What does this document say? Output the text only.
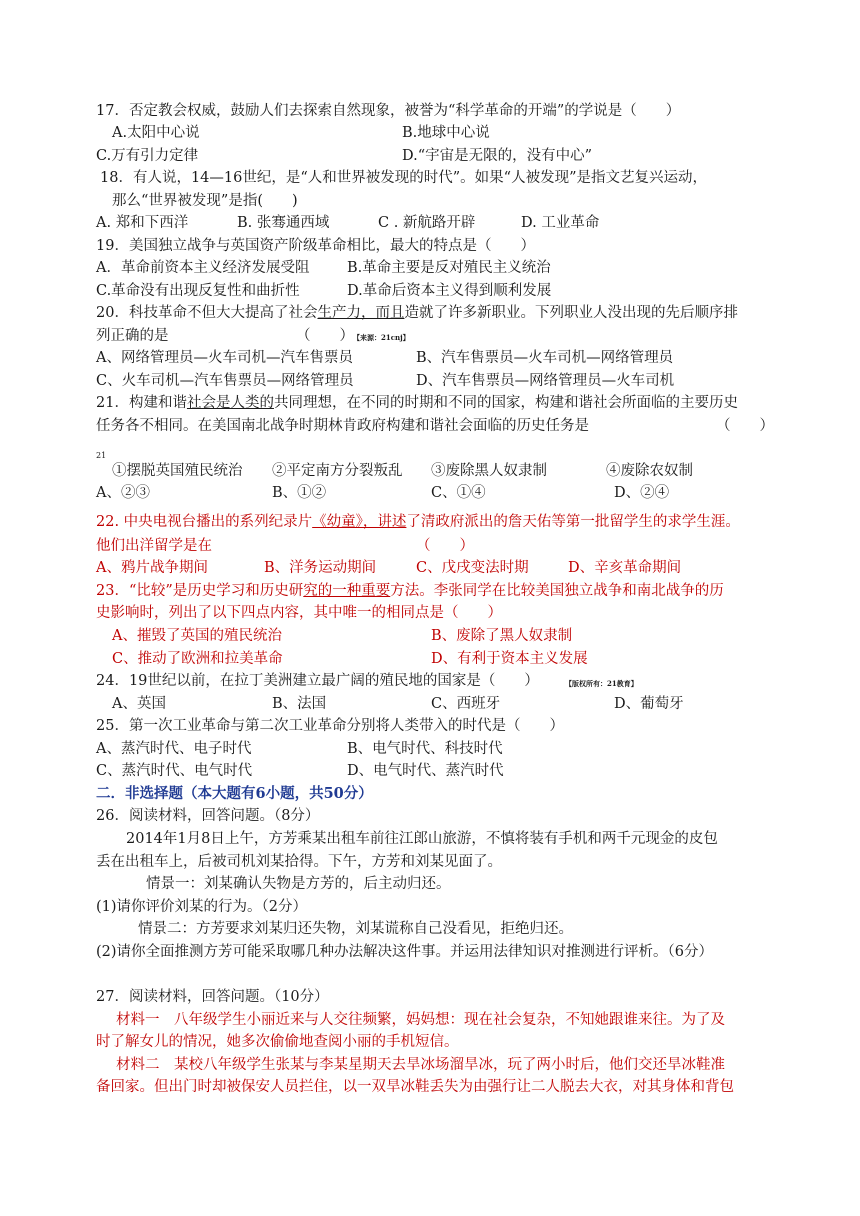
17．否定教会权威，鼓励人们去探索自然现象，被誉为“科学革命的开端”的学说是（　　）
A.太阳中心说	B.地球中心说
C.万有引力定律	D.“宇宙是无限的，没有中心”
18．有人说，14—16世纪，是“人和世界被发现的时代”。如果“人被发现”是指文艺复兴运动，
那么“世界被发现”是指(　　)
A. 郑和下西洋	B. 张骞通西域	C . 新航路开辟	D. 工业革命
19．美国独立战争与英国资产阶级革命相比，最大的特点是（　　）
A．革命前资本主义经济发展受阻	B.革命主要是反对殖民主义统治
C.革命没有出现反复性和曲折性	D.革命后资本主义得到顺利发展
20．科技革命不但大大提高了社会生产力，而且造就了许多新职业。下列职业人没出现的先后顺序排
列正确的是	（　　） 【来源：21cnj】
A、网络管理员—火车司机—汽车售票员	B、汽车售票员—火车司机—网络管理员
C、火车司机—汽车售票员—网络管理员	D、汽车售票员—网络管理员—火车司机
21．构建和谐社会是人类的共同理想，在不同的时期和不同的国家，构建和谐社会所面临的主要历史
任务各不相同。在美国南北战争时期林肯政府构建和谐社会面临的历史任务是	（　　）
21
①摆脱英国殖民统治 ②平定南方分裂叛乱 ③废除黑人奴隶制	④废除农奴制
A、②③	B、①②	C、①④	D、②④
22. 中央电视台播出的系列纪录片《幼童》，讲述了清政府派出的詹天佑等第一批留学生的求学生涯。
他们出洋留学是在	（　　）
A、鸦片战争期间	B、洋务运动期间	C、戊戌变法时期	D、辛亥革命期间
23．“比较”是历史学习和历史研究的一种重要方法。李张同学在比较美国独立战争和南北战争的历
史影响时，列出了以下四点内容，其中唯一的相同点是（　　）
A、摧毁了英国的殖民统治	B、废除了黑人奴隶制
C、推动了欧洲和拉美革命	D、有利于资本主义发展
24．19世纪以前，在拉丁美洲建立最广阔的殖民地的国家是（　　）	【版权所有：21教育】
A、英国	B、法国	C、西班牙	D、葡萄牙
25．第一次工业革命与第二次工业革命分别将人类带入的时代是（　　）
A、蒸汽时代、电子时代	B、电气时代、科技时代
C、蒸汽时代、电气时代	D、电气时代、蒸汽时代
二．非选择题（本大题有6小题，共50分）
26．阅读材料，回答问题。（8分）
2014年1月8日上午，方芳乘某出租车前往江郎山旅游，不慎将装有手机和两千元现金的皮包
丢在出租车上，后被司机刘某拾得。下午，方芳和刘某见面了。
情景一：刘某确认失物是方芳的，后主动归还。
(1)请你评价刘某的行为。（2分）
情景二：方芳要求刘某归还失物，刘某谎称自己没看见，拒绝归还。
(2)请你全面推测方芳可能采取哪几种办法解决这件事。并运用法律知识对推测进行评析。（6分）
27．阅读材料，回答问题。（10分）
材料一　八年级学生小丽近来与人交往频繁，妈妈想：现在社会复杂，不知她跟谁来往。为了及
时了解女儿的情况，她多次偷偷地查阅小丽的手机短信。
材料二　某校八年级学生张某与李某星期天去旱冰场溜旱冰，玩了两小时后，他们交还旱冰鞋准
备回家。但出门时却被保安人员拦住，以一双旱冰鞋丢失为由强行让二人脱去大衣，对其身体和背包
